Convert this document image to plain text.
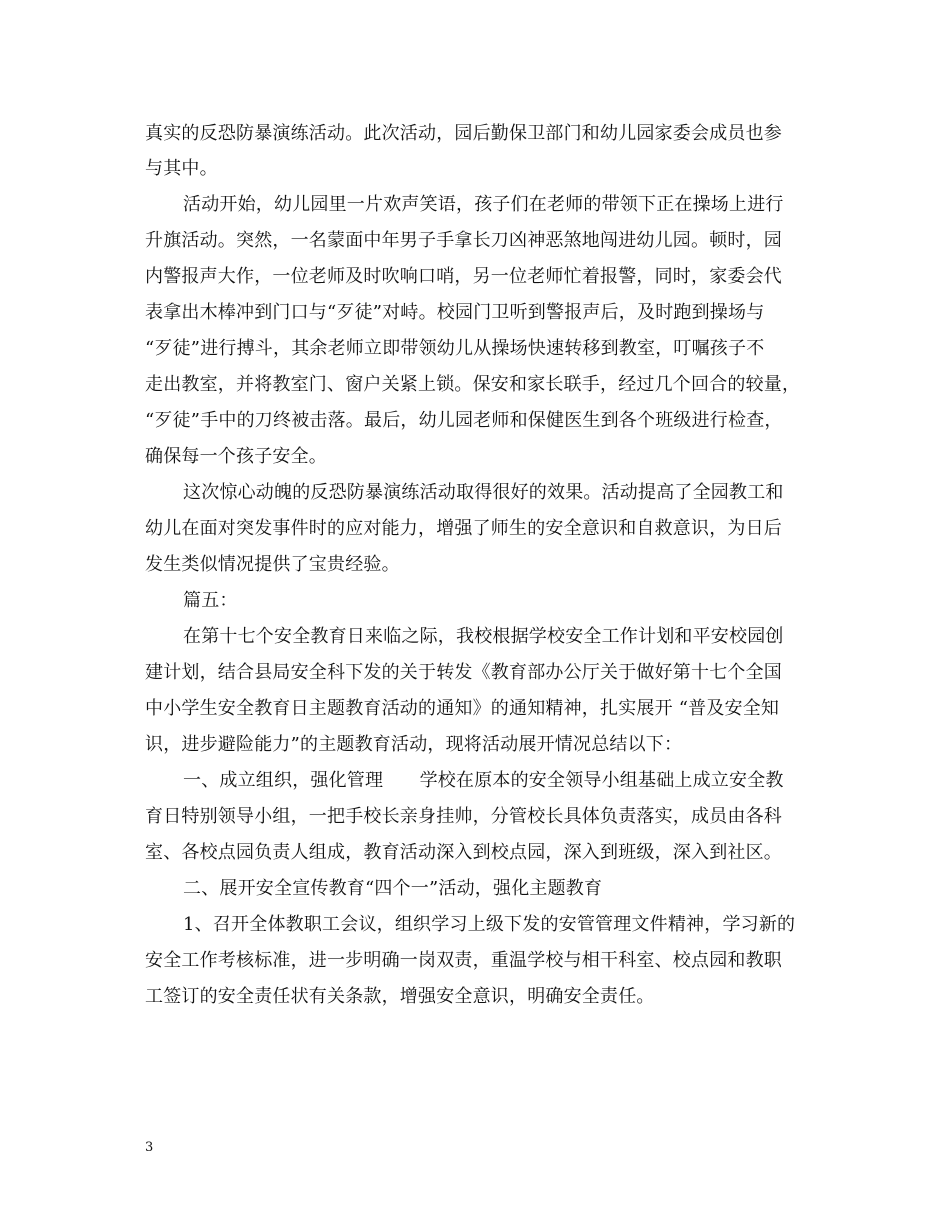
真实的反恐防暴演练活动。此次活动，园后勤保卫部门和幼儿园家委会成员也参
与其中。
活动开始，幼儿园里一片欢声笑语，孩子们在老师的带领下正在操场上进行
升旗活动。突然，一名蒙面中年男子手拿长刀凶神恶煞地闯进幼儿园。顿时，园
内警报声大作，一位老师及时吹响口哨，另一位老师忙着报警，同时，家委会代
表拿出木棒冲到门口与“歹徒”对峙。校园门卫听到警报声后，及时跑到操场与
“歹徒”进行搏斗，其余老师立即带领幼儿从操场快速转移到教室，叮嘱孩子不
走出教室，并将教室门、窗户关紧上锁。保安和家长联手，经过几个回合的较量，
“歹徒”手中的刀终被击落。最后，幼儿园老师和保健医生到各个班级进行检查，
确保每一个孩子安全。
这次惊心动魄的反恐防暴演练活动取得很好的效果。活动提高了全园教工和
幼儿在面对突发事件时的应对能力，增强了师生的安全意识和自救意识，为日后
发生类似情况提供了宝贵经验。
篇五：
在第十七个安全教育日来临之际，我校根据学校安全工作计划和平安校园创
建计划，结合县局安全科下发的关于转发《教育部办公厅关于做好第十七个全国
中小学生安全教育日主题教育活动的通知》的通知精神，扎实展开 “普及安全知
识，进步避险能力”的主题教育活动，现将活动展开情况总结以下：
一、成立组织，强化管理　　学校在原本的安全领导小组基础上成立安全教
育日特别领导小组，一把手校长亲身挂帅，分管校长具体负责落实，成员由各科
室、各校点园负责人组成，教育活动深入到校点园，深入到班级，深入到社区。
二、展开安全宣传教育“四个一”活动，强化主题教育
1、召开全体教职工会议，组织学习上级下发的安管管理文件精神，学习新的
安全工作考核标准，进一步明确一岗双责，重温学校与相干科室、校点园和教职
工签订的安全责任状有关条款，增强安全意识，明确安全责任。
3
